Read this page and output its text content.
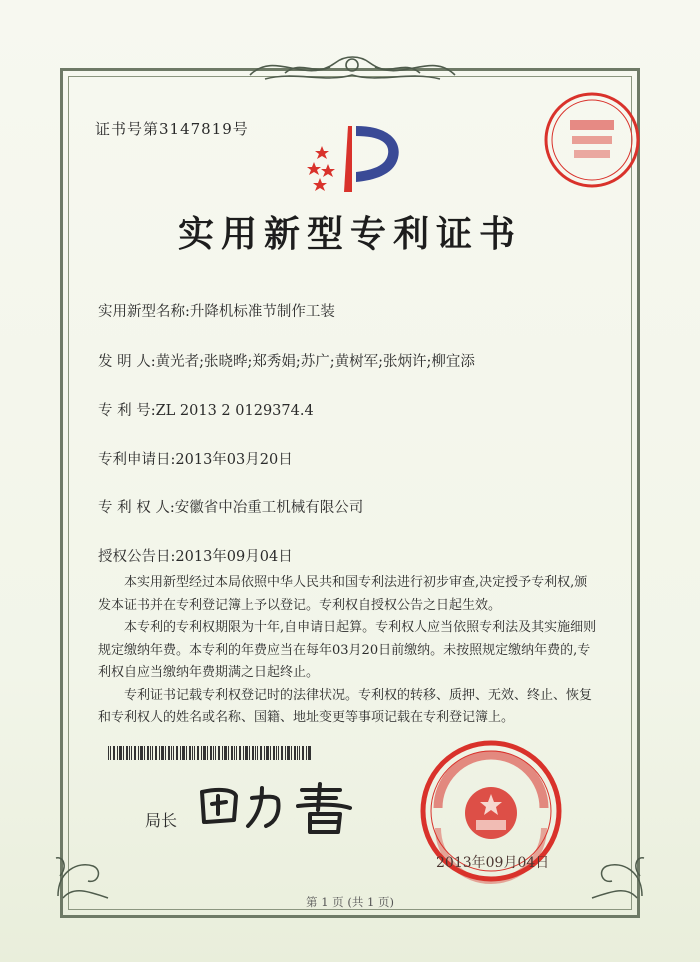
证书号第3147819号
实用新型专利证书
实用新型名称:升降机标准节制作工装
发 明 人:黄光者;张晓晔;郑秀娟;苏广;黄树军;张炳许;柳宜添
专 利 号:ZL 2013 2 0129374.4
专利申请日:2013年03月20日
专 利 权 人:安徽省中冶重工机械有限公司
授权公告日:2013年09月04日

本实用新型经过本局依照中华人民共和国专利法进行初步审查,决定授予专利权,颁发本证书并在专利登记簿上予以登记。专利权自授权公告之日起生效。

本专利的专利权期限为十年,自申请日起算。专利权人应当依照专利法及其实施细则规定缴纳年费。本专利的年费应当在每年03月20日前缴纳。未按照规定缴纳年费的,专利权自应当缴纳年费期满之日起终止。

专利证书记载专利权登记时的法律状况。专利权的转移、质押、无效、终止、恢复和专利权人的姓名或名称、国籍、地址变更等事项记载在专利登记簿上。

局长
2013年09月04日
第 1 页 (共 1 页)
